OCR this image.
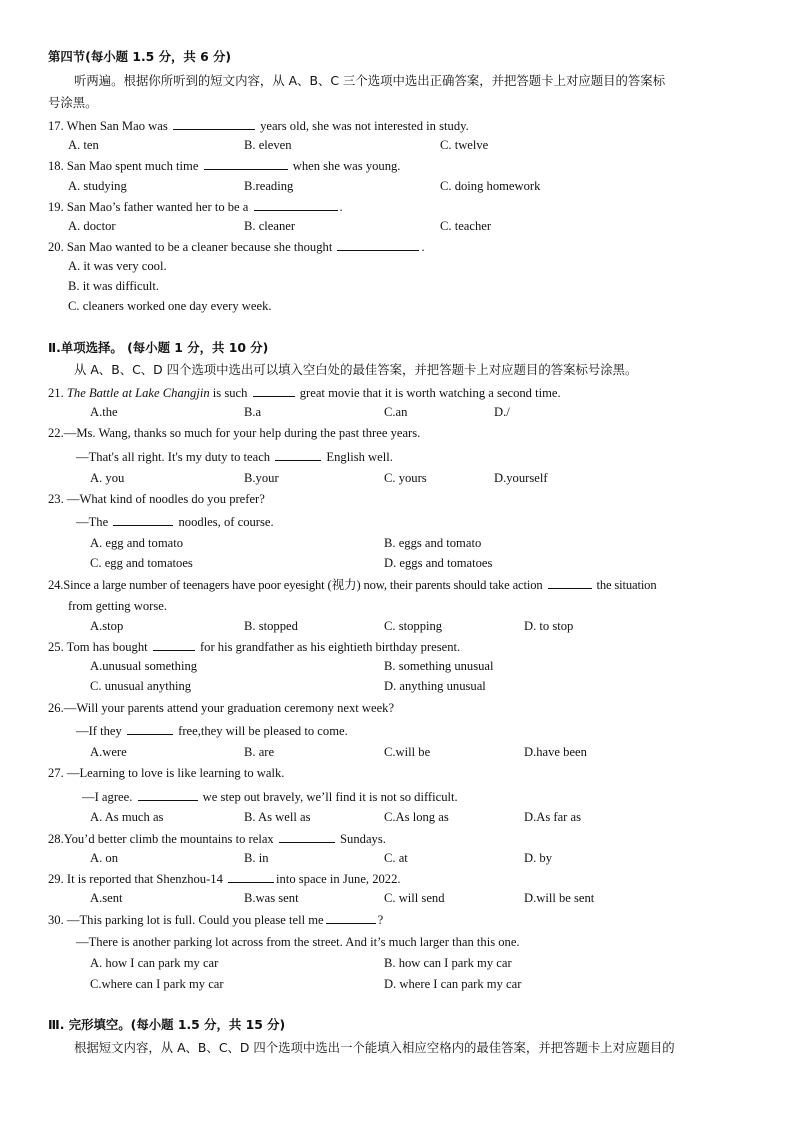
第四节(每小题 1.5 分，共 6 分)
听两遍。根据你所听到的短文内容，从 A、B、C 三个选项中选出正确答案，并把答题卡上对应题目的答案标
号涂黑。
17. When San Mao was	years old, she was not interested in study.
A. ten	B. eleven	C. twelve
18. San Mao spent much time	when she was young.
A. studying	B.reading	C. doing homework
19. San Mao’s father wanted her to be a	.
A. doctor	B. cleaner	C. teacher
20. San Mao wanted to be a cleaner because she thought	.
A. it was very cool.
B. it was difficult.
C. cleaners worked one day every week.
Ⅱ.单项选择。 (每小题 1 分，共 10 分)
从 A、B、C、D 四个选项中选出可以填入空白处的最佳答案，并把答题卡上对应题目的答案标号涂黑。
21. The Battle at Lake Changjin is such	great movie that it is worth watching a second time.
A.the	B.a	C.an	D./
22.—Ms. Wang, thanks so much for your help during the past three years.
—That's all right. It's my duty to teach	English well.
A. you	B.your	C. yours	D.yourself
23. —What kind of noodles do you prefer?
—The	noodles, of course.
A. egg and tomato	B. eggs and tomato
C. egg and tomatoes	D. eggs and tomatoes
24.Since a large number of teenagers have poor eyesight (视力) now, their parents should take action	the situation
from getting worse.
A.stop	B. stopped	C. stopping	D. to stop
25. Tom has bought	for his grandfather as his eightieth birthday present.
A.unusual something	B. something unusual
C. unusual anything	D. anything unusual
26.—Will your parents attend your graduation ceremony next week?
—If they	free,they will be pleased to come.
A.were	B. are	C.will be	D.have been
27. —Learning to love is like learning to walk.
—I agree.	we step out bravely, we’ll find it is not so difficult.
A. As much as	B. As well as	C.As long as	D.As far as
28.You’d better climb the mountains to relax	Sundays.
A. on	B. in	C. at	D. by
29. It is reported that Shenzhou-14	into space in June, 2022.
A.sent	B.was sent	C. will send	D.will be sent
30. —This parking lot is full. Could you please tell me	?
—There is another parking lot across from the street. And it’s much larger than this one.
A. how I can park my car	B. how can I park my car
C.where can I park my car	D. where I can park my car
Ⅲ. 完形填空。(每小题 1.5 分，共 15 分)
根据短文内容，从 A、B、C、D 四个选项中选出一个能填入相应空格内的最佳答案，并把答题卡上对应题目的
